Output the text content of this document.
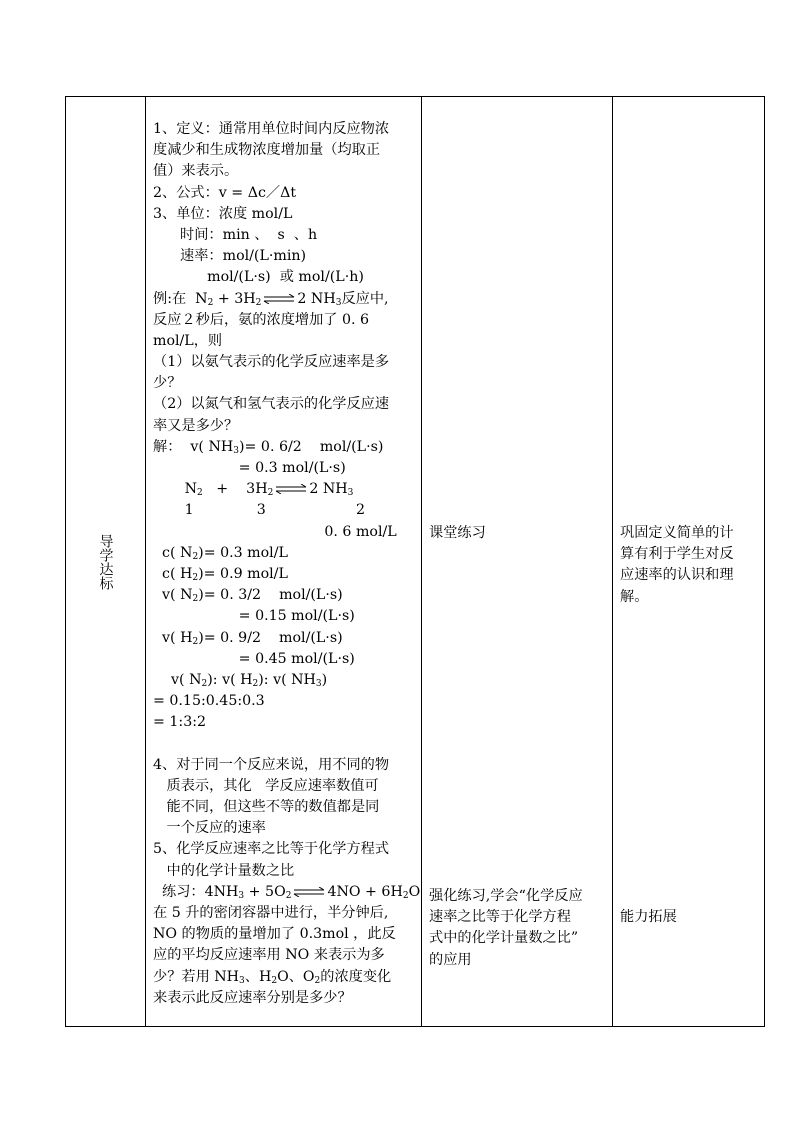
导学达标
1、定义：通常用单位时间内反应物浓
度减少和生成物浓度增加量（均取正
值）来表示。
2、公式：v = Δc／Δt
3、单位：浓度 mol/L
时间：min 、  s  、h
速率：mol/(L·min)
mol/(L·s)  或 mol/(L·h)
例:在  $N_2 + 3H_2$ ⇌ 2 $NH_3$反应中,
反应２秒后，氨的浓度增加了 0. 6
mol/L，则
（1）以氨气表示的化学反应速率是多
少？
（2）以氮气和氢气表示的化学反应速
率又是多少？
解：  v( $NH_3)= 0$. 6/2    mol/(L·s)
= 0.3 mol/(L·s)
$N_2$   +    $3H_2$ ⇌ 2 $NH_3$
1              3                    2
0. 6 mol/L
c( $N_2)= 0.3$ mol/L
c( $H_2)= 0.9$ mol/L
v( $N_2)= 0$. 3/2    mol/(L·s)
= 0.15 mol/(L·s)
v( $H_2)= 0$. 9/2    mol/(L·s)
= 0.45 mol/(L·s)
v( $N_2$): v( $H_2$): v( $NH_3$)
= 0.15:0.45:0.3
= 1:3:2
4、对于同一个反应来说，用不同的物
质表示，其化   学反应速率数值可
能不同，但这些不等的数值都是同
一个反应的速率
5、化学反应速率之比等于化学方程式
中的化学计量数之比
练习：$4NH_3 + 5O_2$ ⇌ $4NO + 6H_2O$
在 5 升的密闭容器中进行，半分钟后,
NO 的物质的量增加了 0.3mol ，此反
应的平均反应速率用 NO 来表示为多
少？若用 $NH_3$、$H_2O$、$O_2$的浓度变化
来表示此反应速率分别是多少？
课堂练习
强化练习,学会“化学反应
速率之比等于化学方程
式中的化学计量数之比”
的应用
巩固定义简单的计
算有利于学生对反
应速率的认识和理
解。
能力拓展
